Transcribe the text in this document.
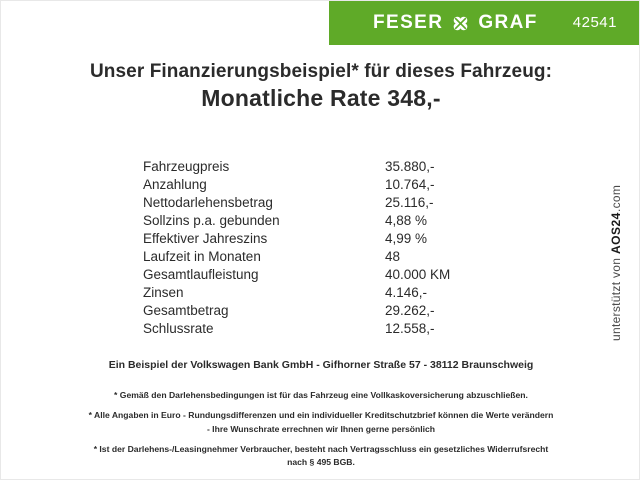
FESER GRAF 42541
Unser Finanzierungsbeispiel* für dieses Fahrzeug:
Monatliche Rate 348,-
Fahrzeugpreis	35.880,-
Anzahlung	10.764,-
Nettodarlehensbetrag	25.116,-
Sollzins p.a. gebunden	4,88 %
Effektiver Jahreszins	4,99 %
Laufzeit in Monaten	48
Gesamtlaufleistung	40.000 KM
Zinsen	4.146,-
Gesamtbetrag	29.262,-
Schlussrate	12.558,-	unterstützt von

AOS24
.com
Ein Beispiel der Volkswagen Bank GmbH - Gifhorner Straße 57 - 38112 Braunschweig
* Gemäß den Darlehensbedingungen ist für das Fahrzeug eine Vollkaskoversicherung abzuschließen.
* Alle Angaben in Euro - Rundungsdifferenzen und ein individueller Kreditschutzbrief können die Werte verändern
- Ihre Wunschrate errechnen wir Ihnen gerne persönlich
* Ist der Darlehens-/Leasingnehmer Verbraucher, besteht nach Vertragsschluss ein gesetzliches Widerrufsrecht
nach § 495 BGB.
